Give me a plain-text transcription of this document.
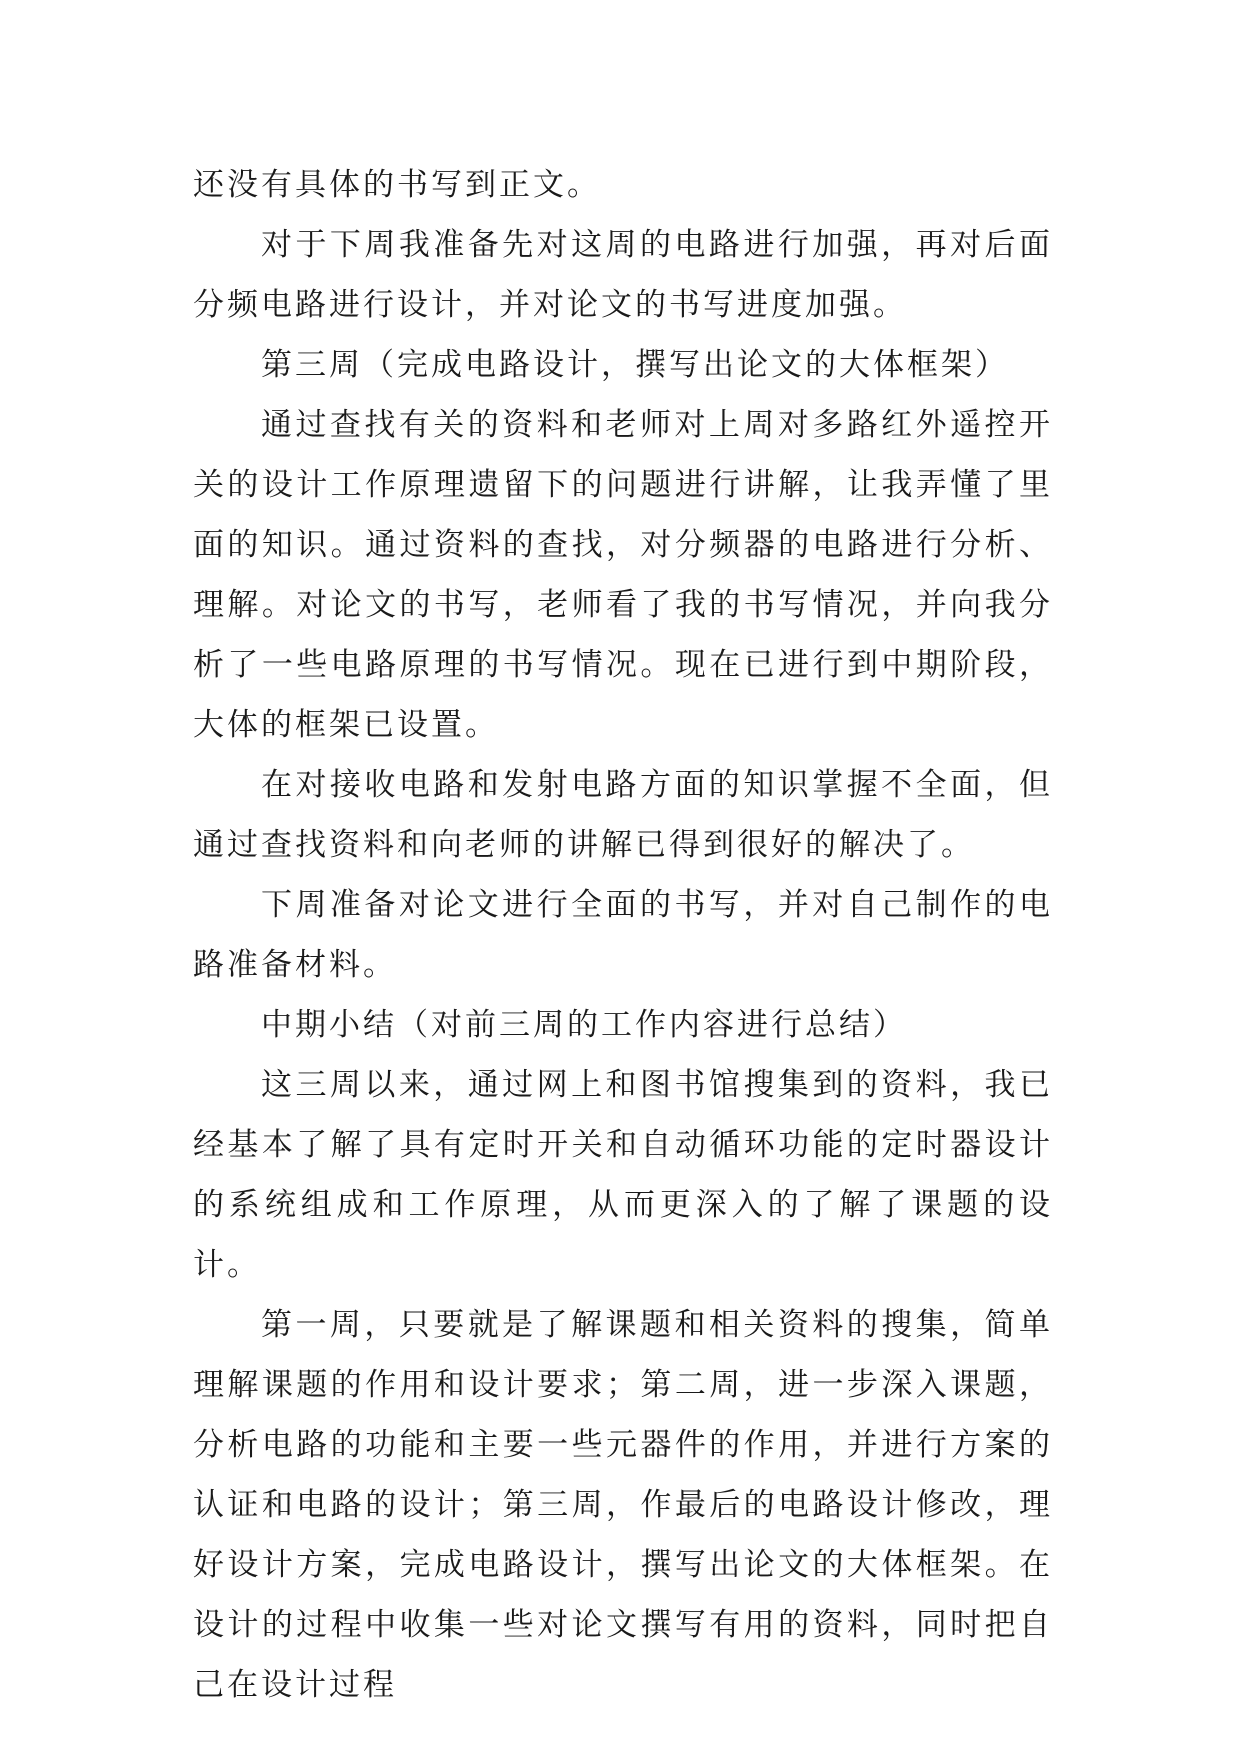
还没有具体的书写到正文。

对于下周我准备先对这周的电路进行加强，再对后面分频电路进行设计，并对论文的书写进度加强。

第三周（完成电路设计，撰写出论文的大体框架）

通过查找有关的资料和老师对上周对多路红外遥控开关的设计工作原理遗留下的问题进行讲解，让我弄懂了里面的知识。通过资料的查找，对分频器的电路进行分析、理解。对论文的书写，老师看了我的书写情况，并向我分析了一些电路原理的书写情况。现在已进行到中期阶段，大体的框架已设置。

在对接收电路和发射电路方面的知识掌握不全面，但通过查找资料和向老师的讲解已得到很好的解决了。

下周准备对论文进行全面的书写，并对自己制作的电路准备材料。

中期小结（对前三周的工作内容进行总结）

这三周以来，通过网上和图书馆搜集到的资料，我已经基本了解了具有定时开关和自动循环功能的定时器设计的系统组成和工作原理，从而更深入的了解了课题的设计。

第一周，只要就是了解课题和相关资料的搜集，简单理解课题的作用和设计要求；第二周，进一步深入课题，分析电路的功能和主要一些元器件的作用，并进行方案的认证和电路的设计；第三周，作最后的电路设计修改，理好设计方案，完成电路设计，撰写出论文的大体框架。在设计的过程中收集一些对论文撰写有用的资料，同时把自己在设计过程
